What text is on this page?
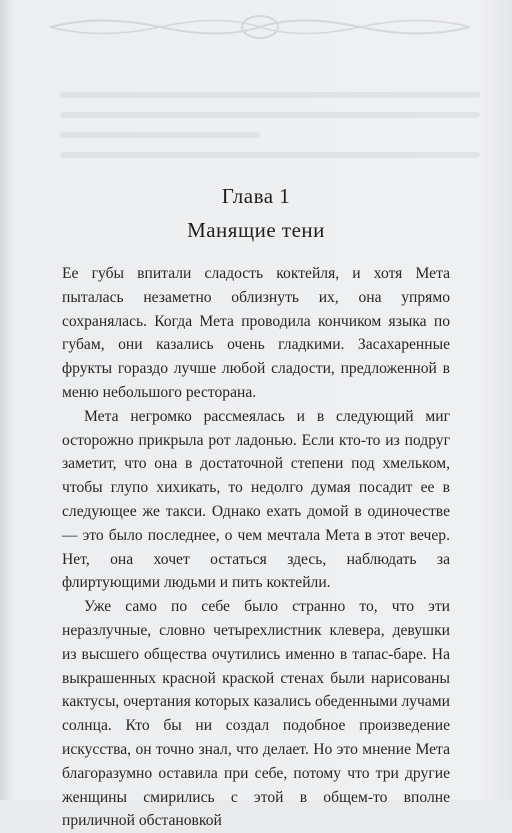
Глава 1
Манящие тени

Ее губы впитали сладость коктейля, и хотя Мета пыталась незаметно облизнуть их, она упрямо сохранялась. Когда Мета проводила кончиком языка по губам, они казались очень гладкими. Засахаренные фрукты гораздо лучше любой сладости, предложенной в меню небольшого ресторана.

Мета негромко рассмеялась и в следующий миг осторожно прикрыла рот ладонью. Если кто-то из подруг заметит, что она в достаточной степени под хмельком, чтобы глупо хихикать, то недолго думая посадит ее в следующее же такси. Однако ехать домой в одиночестве — это было последнее, о чем мечтала Мета в этот вечер. Нет, она хочет остаться здесь, наблюдать за флиртующими людьми и пить коктейли.

Уже само по себе было странно то, что эти неразлучные, словно четырехлистник клевера, девушки из высшего общества очутились именно в тапас-баре. На выкрашенных красной краской стенах были нарисованы кактусы, очертания которых казались обеденными лучами солнца. Кто бы ни создал подобное произведение искусства, он точно знал, что делает. Но это мнение Мета благоразумно оставила при себе, потому что три другие женщины смирились с этой в общем-то вполне приличной обстановкой
